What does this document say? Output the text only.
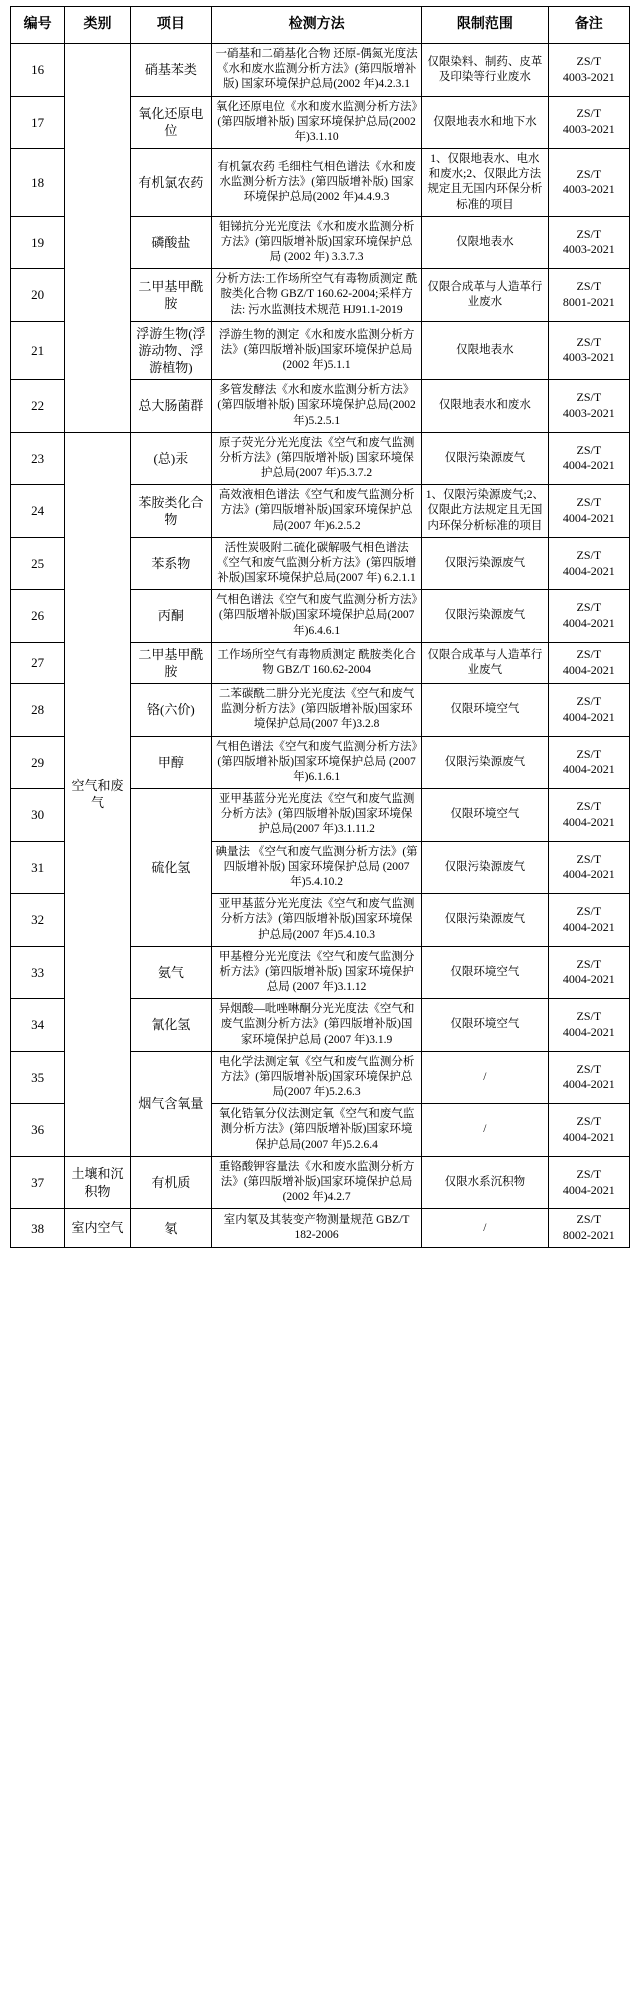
编号	类别	项目	检测方法	限制范围	备注
16		硝基苯类	一硝基和二硝基化合物 还原-偶氮光度法《水和废水监测分析方法》(第四版增补版) 国家环境保护总局(2002 年)4.2.3.1	仅限染料、制药、皮革及印染等行业废水	ZS/T
4003-2021

17		氧化还原电位	氧化还原电位《水和废水监测分析方法》(第四版增补版) 国家环境保护总局(2002 年)3.1.10	仅限地表水和地下水	ZS/T
4003-2021

18		有机氯农药	有机氯农药 毛细柱气相色谱法《水和废水监测分析方法》(第四版增补版) 国家环境保护总局(2002 年)4.4.9.3	1、仅限地表水、电水和废水;2、仅限此方法规定且无国内环保分析标准的项目	ZS/T
4003-2021

19		磷酸盐	钼锑抗分光光度法《水和废水监测分析方法》(第四版增补版)国家环境保护总局 (2002 年) 3.3.7.3	仅限地表水	ZS/T
4003-2021

20		二甲基甲酰胺	分析方法:工作场所空气有毒物质测定 酰胺类化合物 GBZ/T 160.62-2004;采样方法: 污水监测技术规范 HJ91.1-2019	仅限合成革与人造革行业废水	ZS/T
8001-2021

21		浮游生物(浮游动物、浮游植物)	浮游生物的测定《水和废水监测分析方法》(第四版增补版)国家环境保护总局(2002 年)5.1.1	仅限地表水	ZS/T
4003-2021

22		总大肠菌群	多管发酵法《水和废水监测分析方法》(第四版增补版) 国家环境保护总局(2002 年)5.2.5.1	仅限地表水和废水	ZS/T
4003-2021

23	空气和废气	(总)汞	原子荧光分光光度法《空气和废气监测分析方法》(第四版增补版) 国家环境保护总局(2007 年)5.3.7.2	仅限污染源废气	ZS/T
4004-2021

24		苯胺类化合物	高效液相色谱法《空气和废气监测分析方法》(第四版增补版)国家环境保护总局(2007 年)6.2.5.2	1、仅限污染源废气;2、仅限此方法规定且无国内环保分析标准的项目	ZS/T
4004-2021

25		苯系物	活性炭吸附二硫化碳解吸气相色谱法《空气和废气监测分析方法》(第四版增补版)国家环境保护总局(2007 年) 6.2.1.1	仅限污染源废气	ZS/T
4004-2021

26		丙酮	气相色谱法《空气和废气监测分析方法》(第四版增补版)国家环境保护总局(2007 年)6.4.6.1	仅限污染源废气	ZS/T
4004-2021

27		二甲基甲酰胺	工作场所空气有毒物质测定 酰胺类化合物 GBZ/T 160.62-2004	仅限合成革与人造革行业废气	ZS/T
4004-2021

28		铬(六价)	二苯碳酰二肼分光光度法《空气和废气监测分析方法》(第四版增补版)国家环境保护总局(2007 年)3.2.8	仅限环境空气	ZS/T
4004-2021

29		甲醇	气相色谱法《空气和废气监测分析方法》(第四版增补版)国家环境保护总局 (2007 年)6.1.6.1	仅限污染源废气	ZS/T
4004-2021

30		硫化氢	亚甲基蓝分光光度法《空气和废气监测分析方法》(第四版增补版)国家环境保护总局(2007 年)3.1.11.2	仅限环境空气	ZS/T
4004-2021

31			碘量法 《空气和废气监测分析方法》(第四版增补版) 国家环境保护总局 (2007 年)5.4.10.2	仅限污染源废气	ZS/T
4004-2021

32			亚甲基蓝分光光度法《空气和废气监测分析方法》(第四版增补版)国家环境保护总局(2007 年)5.4.10.3	仅限污染源废气	ZS/T
4004-2021

33		氨气	甲基橙分光光度法《空气和废气监测分析方法》(第四版增补版) 国家环境保护总局 (2007 年)3.1.12	仅限环境空气	ZS/T
4004-2021

34		氰化氢	异烟酸—吡唑啉酮分光光度法《空气和废气监测分析方法》(第四版增补版)国家环境保护总局 (2007 年)3.1.9	仅限环境空气	ZS/T
4004-2021

35		烟气含氧量	电化学法测定氧《空气和废气监测分析方法》(第四版增补版)国家环境保护总局(2007 年)5.2.6.3	/	ZS/T
4004-2021

36			氧化锆氧分仪法测定氧《空气和废气监测分析方法》(第四版增补版)国家环境保护总局(2007 年)5.2.6.4	/	ZS/T
4004-2021

37	土壤和沉积物	有机质	重铬酸钾容量法《水和废水监测分析方法》(第四版增补版)国家环境保护总局(2002 年)4.2.7	仅限水系沉积物	ZS/T
4004-2021

38	室内空气	氡	室内氡及其装变产物测量规范 GBZ/T 182-2006	/	ZS/T
8002-2021
